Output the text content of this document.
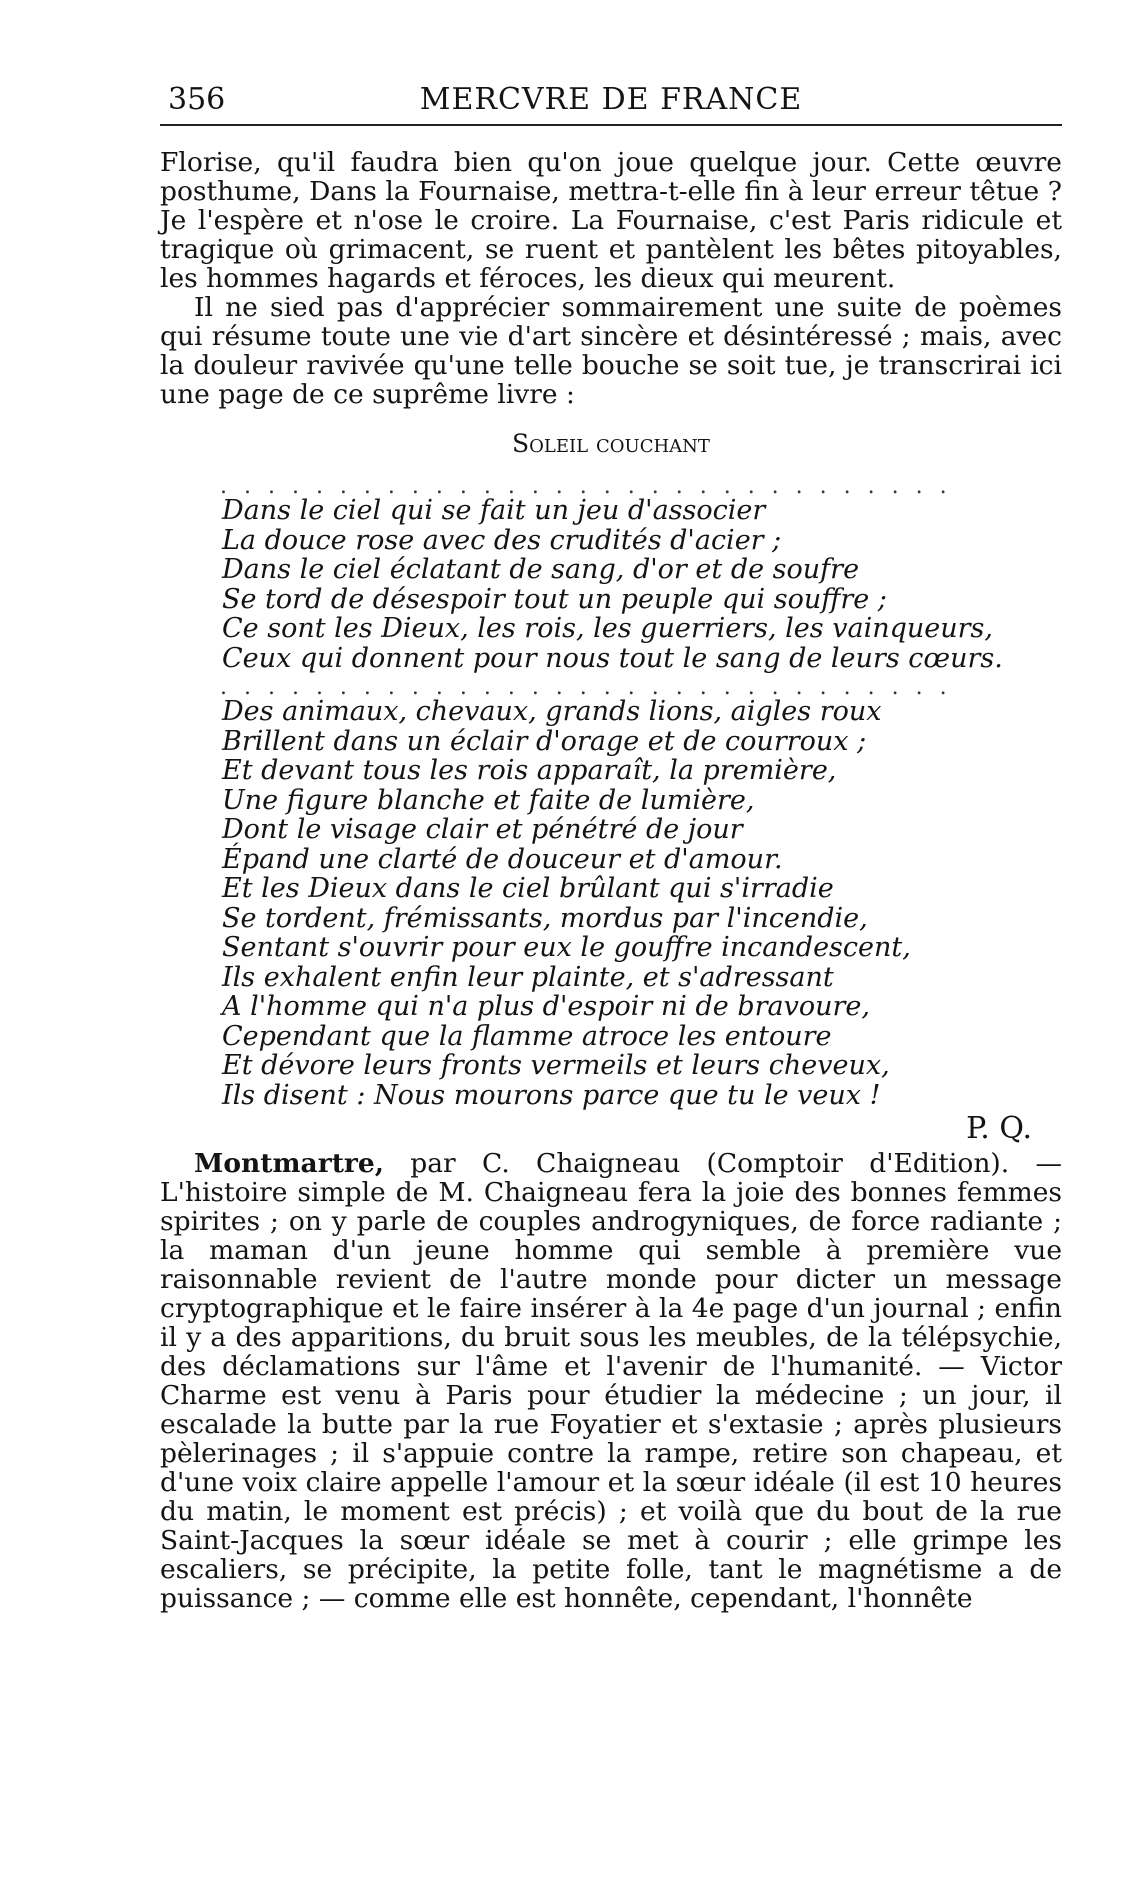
356	MERCVRE DE FRANCE

Florise, qu'il faudra bien qu'on joue quelque jour. Cette œuvre posthume, Dans la Fournaise, mettra-t-elle fin à leur erreur têtue ? Je l'espère et n'ose le croire. La Fournaise, c'est Paris ridicule et tragique où grimacent, se ruent et pantèlent les bêtes pitoyables, les hommes hagards et féroces, les dieux qui meurent.

Il ne sied pas d'apprécier sommairement une suite de poèmes qui résume toute une vie d'art sincère et désintéressé ; mais, avec la douleur ravivée qu'une telle bouche se soit tue, je transcrirai ici une page de ce suprême livre :

Soleil couchant
. . . . . . . . . . . . . . . . . . . . . . . . . . . . . . .
Dans le ciel qui se fait un jeu d'associer
La douce rose avec des crudités d'acier ;
Dans le ciel éclatant de sang, d'or et de soufre
Se tord de désespoir tout un peuple qui souffre ;
Ce sont les Dieux, les rois, les guerriers, les vainqueurs,
Ceux qui donnent pour nous tout le sang de leurs cœurs.
. . . . . . . . . . . . . . . . . . . . . . . . . . . . . . .
Des animaux, chevaux, grands lions, aigles roux
Brillent dans un éclair d'orage et de courroux ;
Et devant tous les rois apparaît, la première,
Une figure blanche et faite de lumière,
Dont le visage clair et pénétré de jour
Épand une clarté de douceur et d'amour.
Et les Dieux dans le ciel brûlant qui s'irradie
Se tordent, frémissants, mordus par l'incendie,
Sentant s'ouvrir pour eux le gouffre incandescent,
Ils exhalent enfin leur plainte, et s'adressant
A l'homme qui n'a plus d'espoir ni de bravoure,
Cependant que la flamme atroce les entoure
Et dévore leurs fronts vermeils et leurs cheveux,
Ils disent : Nous mourons parce que tu le veux !
P. Q.

Montmartre, par C. Chaigneau (Comptoir d'Edition). — L'histoire simple de M. Chaigneau fera la joie des bonnes femmes spirites ; on y parle de couples androgyniques, de force radiante ; la maman d'un jeune homme qui semble à première vue raisonnable revient de l'autre monde pour dicter un message cryptographique et le faire insérer à la 4e page d'un journal ; enfin il y a des apparitions, du bruit sous les meubles, de la télépsychie, des déclamations sur l'âme et l'avenir de l'humanité. — Victor Charme est venu à Paris pour étudier la médecine ; un jour, il escalade la butte par la rue Foyatier et s'extasie ; après plusieurs pèlerinages ; il s'appuie contre la rampe, retire son chapeau, et d'une voix claire appelle l'amour et la sœur idéale (il est 10 heures du matin, le moment est précis) ; et voilà que du bout de la rue Saint-Jacques la sœur idéale se met à courir ; elle grimpe les escaliers, se précipite, la petite folle, tant le magnétisme a de puissance ; — comme elle est honnête, cependant, l'honnête
